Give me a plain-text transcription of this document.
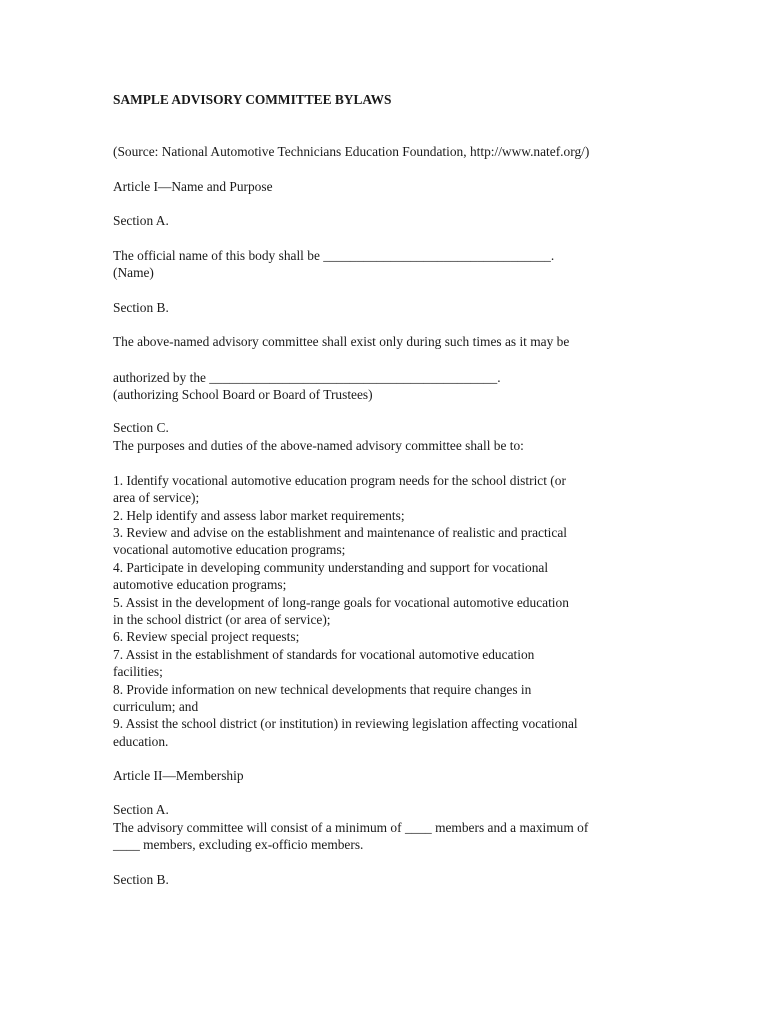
SAMPLE ADVISORY COMMITTEE BYLAWS
(Source: National Automotive Technicians Education Foundation, http://www.natef.org/)
Article I—Name and Purpose
Section A.
The official name of this body shall be __________________________________.
(Name)
Section B.
The above-named advisory committee shall exist only during such times as it may be
authorized by the ___________________________________________.
(authorizing School Board or Board of Trustees)
Section C.
The purposes and duties of the above-named advisory committee shall be to:
1. Identify vocational automotive education program needs for the school district (or
area of service);
2. Help identify and assess labor market requirements;
3. Review and advise on the establishment and maintenance of realistic and practical
vocational automotive education programs;
4. Participate in developing community understanding and support for vocational
automotive education programs;
5. Assist in the development of long-range goals for vocational automotive education
in the school district (or area of service);
6. Review special project requests;
7. Assist in the establishment of standards for vocational automotive education
facilities;
8. Provide information on new technical developments that require changes in
curriculum; and
9. Assist the school district (or institution) in reviewing legislation affecting vocational
education.
Article II—Membership
Section A.
The advisory committee will consist of a minimum of ____ members and a maximum of
____ members, excluding ex-officio members.
Section B.
